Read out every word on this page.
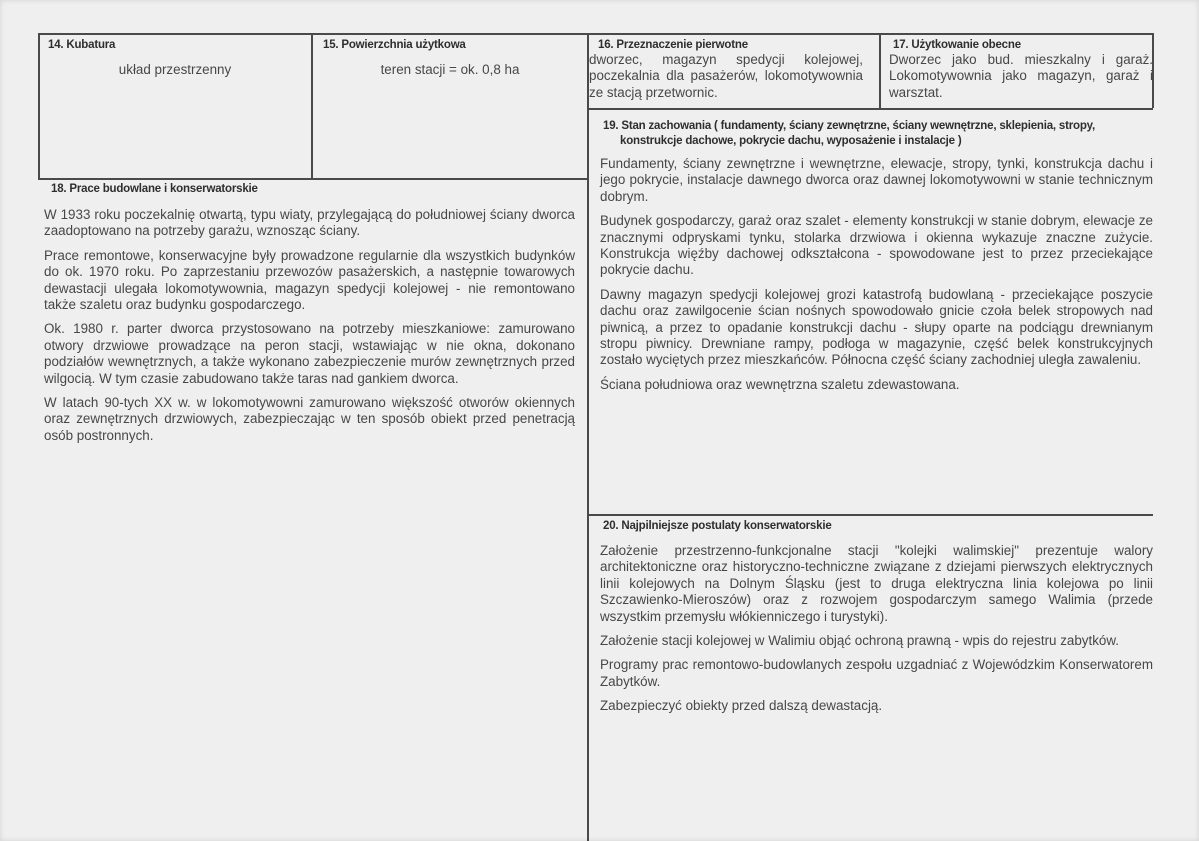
14. Kubatura
układ przestrzenny
15. Powierzchnia użytkowa
teren stacji = ok. 0,8 ha
16. Przeznaczenie pierwotne
dworzec, magazyn spedycji kolejowej, poczekalnia dla pasażerów, lokomotywownia ze stacją przetwornic.
17. Użytkowanie obecne
Dworzec jako bud. mieszkalny i garaż. Lokomotywownia jako magazyn, garaż i warsztat.
18. Prace budowlane i konserwatorskie

W 1933 roku poczekalnię otwartą, typu wiaty, przylegającą do południowej ściany dworca zaadoptowano na potrzeby garażu, wznosząc ściany.

Prace remontowe, konserwacyjne były prowadzone regularnie dla wszystkich budynków do ok. 1970 roku. Po zaprzestaniu przewozów pasażerskich, a następnie towarowych dewastacji ulegała lokomotywownia, magazyn spedycji kolejowej - nie remontowano także szaletu oraz budynku gospodarczego.

Ok. 1980 r. parter dworca przystosowano na potrzeby mieszkaniowe: zamurowano otwory drzwiowe prowadzące na peron stacji, wstawiając w nie okna, dokonano podziałów wewnętrznych, a także wykonano zabezpieczenie murów zewnętrznych przed wilgocią. W tym czasie zabudowano także taras nad gankiem dworca.

W latach 90-tych XX w. w lokomotywowni zamurowano większość otworów okiennych oraz zewnętrznych drzwiowych, zabezpieczając w ten sposób obiekt przed penetracją osób postronnych.

19. Stan zachowania ( fundamenty, ściany zewnętrzne, ściany wewnętrzne, sklepienia, stropy,
konstrukcje dachowe, pokrycie dachu, wyposażenie i instalacje )

Fundamenty, ściany zewnętrzne i wewnętrzne, elewacje, stropy, tynki, konstrukcja dachu i jego pokrycie, instalacje dawnego dworca oraz dawnej lokomotywowni w stanie technicznym dobrym.

Budynek gospodarczy, garaż oraz szalet - elementy konstrukcji w stanie dobrym, elewacje ze znacznymi odpryskami tynku, stolarka drzwiowa i okienna wykazuje znaczne zużycie. Konstrukcja więźby dachowej odkształcona - spowodowane jest to przez przeciekające pokrycie dachu.

Dawny magazyn spedycji kolejowej grozi katastrofą budowlaną - przeciekające poszycie dachu oraz zawilgocenie ścian nośnych spowodowało gnicie czoła belek stropowych nad piwnicą, a przez to opadanie konstrukcji dachu - słupy oparte na podciągu drewnianym stropu piwnicy. Drewniane rampy, podłoga w magazynie, część belek konstrukcyjnych zostało wyciętych przez mieszkańców. Północna część ściany zachodniej uległa zawaleniu.

Ściana południowa oraz wewnętrzna szaletu zdewastowana.

20. Najpilniejsze postulaty konserwatorskie

Założenie przestrzenno-funkcjonalne stacji "kolejki walimskiej" prezentuje walory architektoniczne oraz historyczno-techniczne związane z dziejami pierwszych elektrycznych linii kolejowych na Dolnym Śląsku (jest to druga elektryczna linia kolejowa po linii Szczawienko-Mieroszów) oraz z rozwojem gospodarczym samego Walimia (przede wszystkim przemysłu włókienniczego i turystyki).

Założenie stacji kolejowej w Walimiu objąć ochroną prawną - wpis do rejestru zabytków.

Programy prac remontowo-budowlanych zespołu uzgadniać z Wojewódzkim Konserwatorem Zabytków.

Zabezpieczyć obiekty przed dalszą dewastacją.
